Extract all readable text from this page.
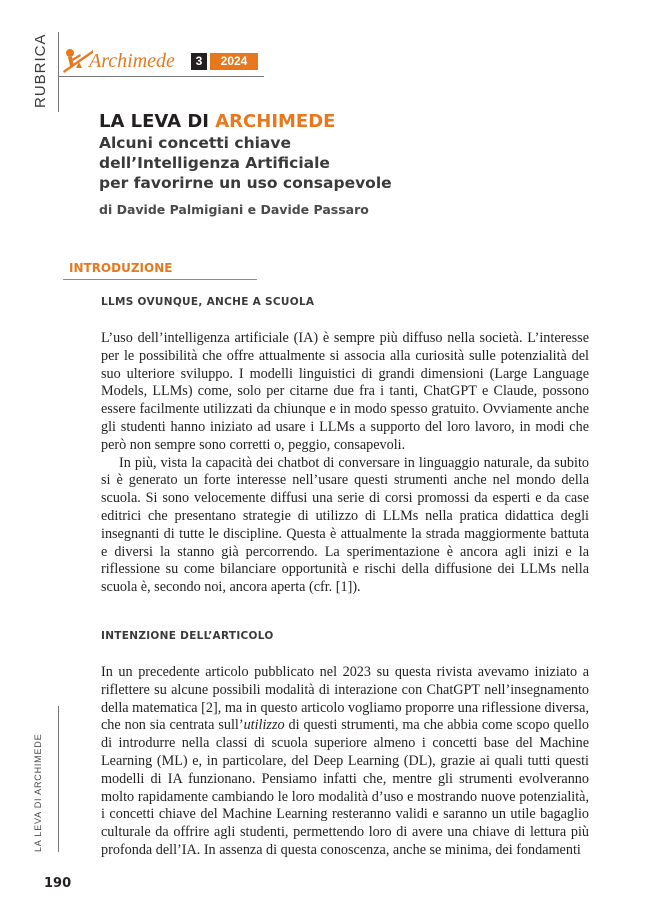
RUBRICA Archimede	3	2024
LA LEVA DI ARCHIMEDE
Alcuni concetti chiave
dell’Intelligenza Artificiale
per favorirne un uso consapevole
di Davide Palmigiani e Davide Passaro
INTRODUZIONE
LLMS OVUNQUE, ANCHE A SCUOLA

L’uso dell’intelligenza artificiale (IA) è sempre più diffuso nella società. L’interesse per le possibilità che offre attualmente si associa alla curiosità sulle potenzialità del suo ulteriore sviluppo. I modelli linguistici di grandi dimensioni (Large Language Models, LLMs) come, solo per citarne due fra i tanti, ChatGPT e Claude, possono essere facilmente utilizzati da chiunque e in modo spesso gratuito. Ovviamente anche gli studenti hanno iniziato ad usare i LLMs a supporto del loro lavoro, in modi che però non sempre sono corretti o, peggio, consapevoli.

In più, vista la capacità dei chatbot di conversare in linguaggio naturale, da subito si è generato un forte interesse nell’usare questi strumenti anche nel mondo della scuola. Si sono velocemente diffusi una serie di corsi promossi da esperti e da case editrici che presentano strategie di utilizzo di LLMs nella pratica didattica degli insegnanti di tutte le discipline. Questa è attualmente la strada maggiormente battuta e diversi la stanno già percorrendo. La sperimentazione è ancora agli inizi e la riflessione su come bilanciare opportunità e rischi della diffusione dei LLMs nella scuola è, secondo noi, ancora aperta (cfr. [1]).

INTENZIONE DELL’ARTICOLO

In un precedente articolo pubblicato nel 2023 su questa rivista avevamo iniziato a riflettere su alcune possibili modalità di interazione con ChatGPT nell’insegnamento della matematica [2], ma in questo articolo vogliamo proporre una riflessione diversa, che non sia centrata sull’utilizzo di questi strumenti, ma che abbia come scopo quello di introdurre nella classi di scuola superiore almeno i concetti base del Machine Learning (ML) e, in particolare, del Deep Learning (DL), grazie ai quali tutti questi modelli di IA funzionano. Pensiamo infatti che, mentre gli strumenti evolveranno molto rapidamente cambiando le loro modalità d’uso e mostrando nuove potenzialità, i concetti chiave del Machine Learning resteranno validi e saranno un utile bagaglio culturale da offrire agli studenti, permettendo loro di avere una chiave di lettura più profonda dell’IA. In assenza di questa conoscenza, anche se minima, dei fondamenti

LA LEVA DI ARCHIMEDE
190
